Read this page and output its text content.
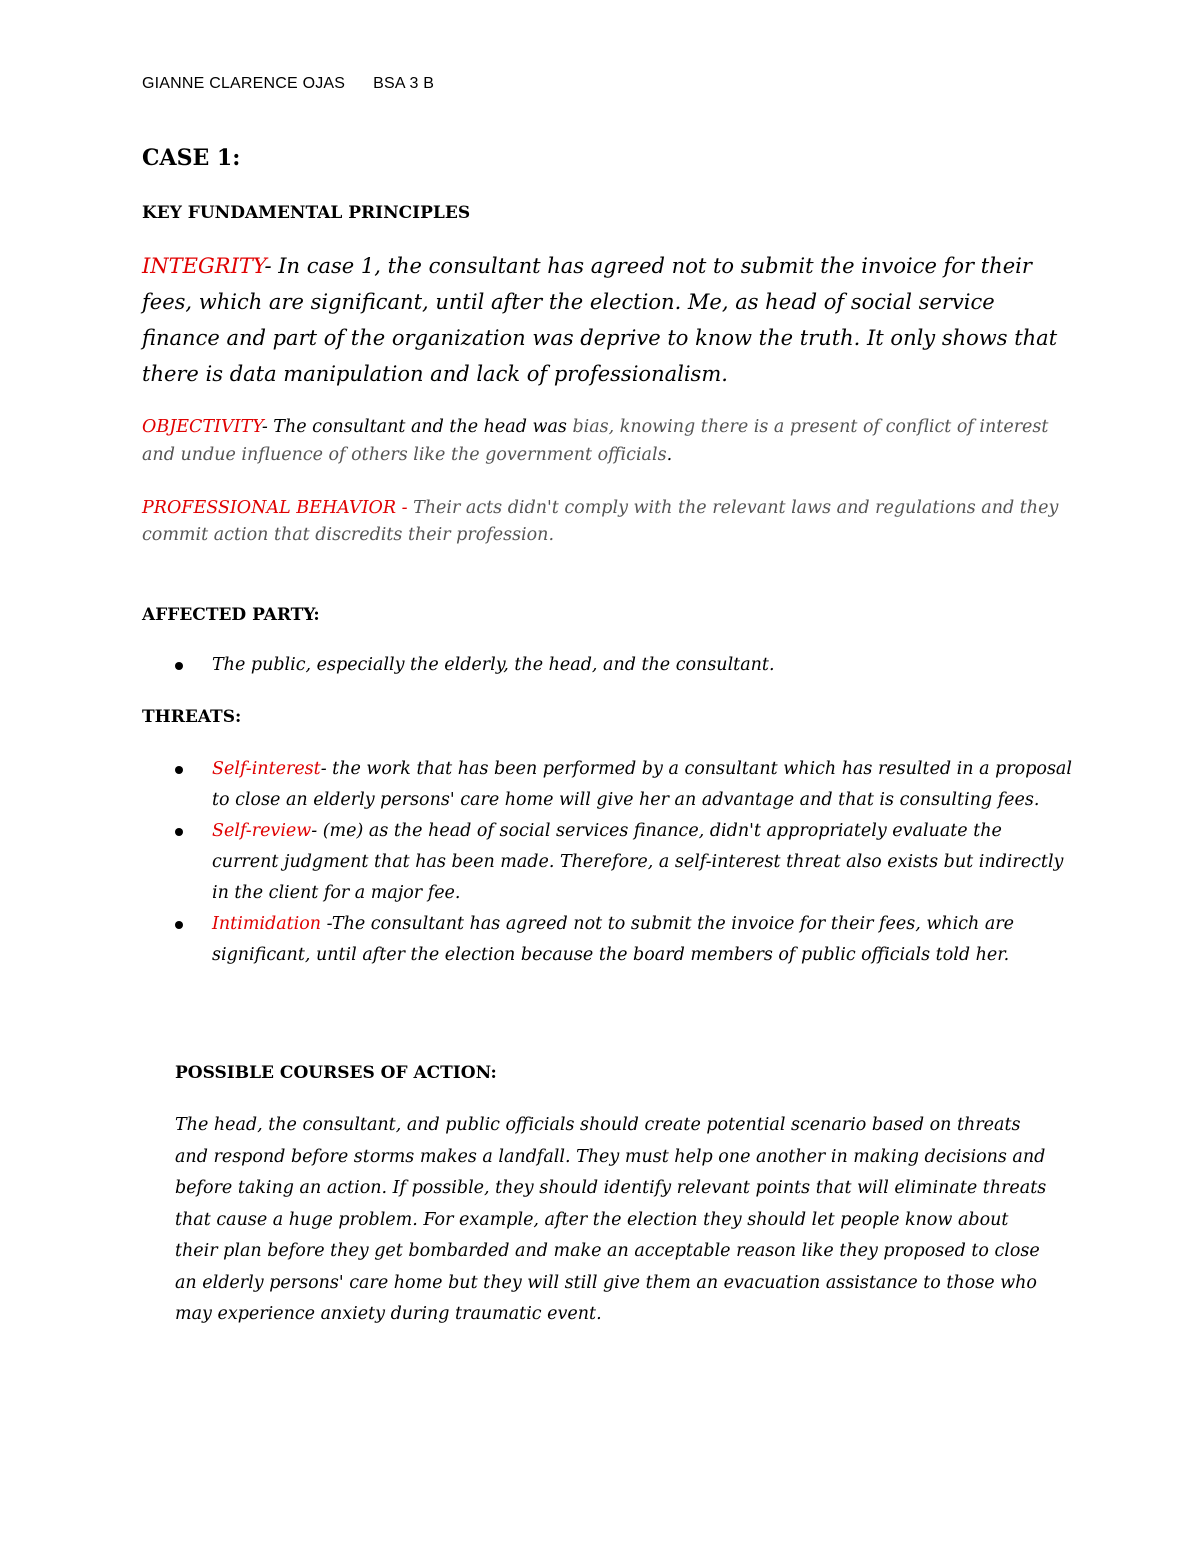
GIANNE CLARENCE OJAS BSA 3 B
CASE 1:
KEY FUNDAMENTAL PRINCIPLES

INTEGRITY- In case 1, the consultant has agreed not to submit the invoice for their fees, which are significant, until after the election. Me, as head of social service finance and part of the organization was deprive to know the truth. It only shows that there is data manipulation and lack of professionalism.

OBJECTIVITY- The consultant and the head was bias, knowing there is a present of conflict of interest and undue influence of others like the government officials.

PROFESSIONAL BEHAVIOR - Their acts didn't comply with the relevant laws and regulations and they commit action that discredits their profession.

AFFECTED PARTY:
The public, especially the elderly, the head, and the consultant.
THREATS:
Self-interest- the work that has been performed by a consultant which has resulted in a proposal to close an elderly persons' care home will give her an advantage and that is consulting fees.
Self-review- (me) as the head of social services finance, didn't appropriately evaluate the current judgment that has been made. Therefore, a self-interest threat also exists but indirectly in the client for a major fee.
Intimidation -The consultant has agreed not to submit the invoice for their fees, which are significant, until after the election because the board members of public officials told her.
POSSIBLE COURSES OF ACTION:

The head, the consultant, and public officials should create potential scenario based on threats and respond before storms makes a landfall. They must help one another in making decisions and before taking an action. If possible, they should identify relevant points that will eliminate threats that cause a huge problem. For example, after the election they should let people know about their plan before they get bombarded and make an acceptable reason like they proposed to close an elderly persons' care home but they will still give them an evacuation assistance to those who may experience anxiety during traumatic event.
